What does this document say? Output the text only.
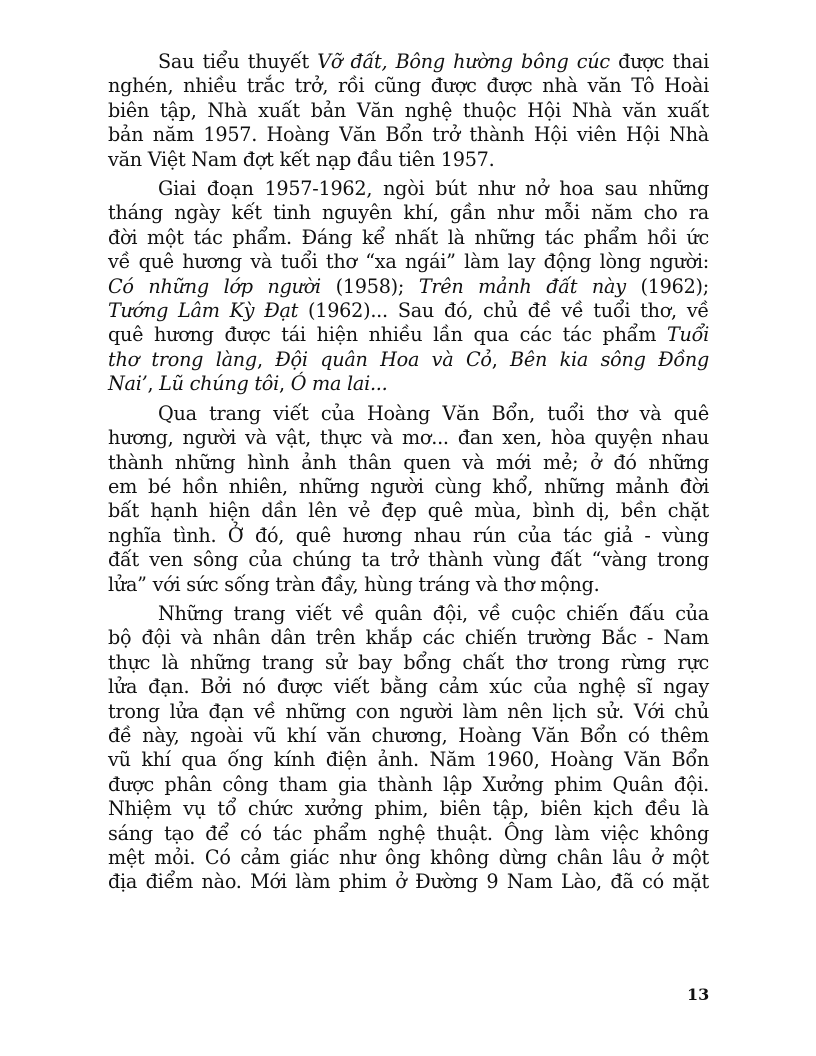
Sau tiểu thuyết Vỡ đất, Bông hường bông cúc được thai
nghén, nhiều trắc trở, rồi cũng được được nhà văn Tô Hoài
biên tập, Nhà xuất bản Văn nghệ thuộc Hội Nhà văn xuất
bản năm 1957. Hoàng Văn Bổn trở thành Hội viên Hội Nhà
văn Việt Nam đợt kết nạp đầu tiên 1957.

Giai đoạn 1957-1962, ngòi bút như nở hoa sau những
tháng ngày kết tinh nguyên khí, gần như mỗi năm cho ra
đời một tác phẩm. Đáng kể nhất là những tác phẩm hồi ức
về quê hương và tuổi thơ “xa ngái” làm lay động lòng người:
Có những lớp người (1958); Trên mảnh đất này (1962);
Tướng Lâm Kỳ Đạt (1962)... Sau đó, chủ đề về tuổi thơ, về
quê hương được tái hiện nhiều lần qua các tác phẩm Tuổi
thơ trong làng, Đội quân Hoa và Cỏ, Bên kia sông Đồng
Nai’, Lũ chúng tôi, Ó ma lai...

Qua trang viết của Hoàng Văn Bổn, tuổi thơ và quê
hương, người và vật, thực và mơ... đan xen, hòa quyện nhau
thành những hình ảnh thân quen và mới mẻ; ở đó những
em bé hồn nhiên, những người cùng khổ, những mảnh đời
bất hạnh hiện dần lên vẻ đẹp quê mùa, bình dị, bền chặt
nghĩa tình. Ở đó, quê hương nhau rún của tác giả - vùng
đất ven sông của chúng ta trở thành vùng đất “vàng trong
lửa” với sức sống tràn đầy, hùng tráng và thơ mộng.

Những trang viết về quân đội, về cuộc chiến đấu của
bộ đội và nhân dân trên khắp các chiến trường Bắc - Nam
thực là những trang sử bay bổng chất thơ trong rừng rực
lửa đạn. Bởi nó được viết bằng cảm xúc của nghệ sĩ ngay
trong lửa đạn về những con người làm nên lịch sử. Với chủ
đề này, ngoài vũ khí văn chương, Hoàng Văn Bổn có thêm
vũ khí qua ống kính điện ảnh. Năm 1960, Hoàng Văn Bổn
được phân công tham gia thành lập Xưởng phim Quân đội.
Nhiệm vụ tổ chức xưởng phim, biên tập, biên kịch đều là
sáng tạo để có tác phẩm nghệ thuật. Ông làm việc không
mệt mỏi. Có cảm giác như ông không dừng chân lâu ở một
địa điểm nào. Mới làm phim ở Đường 9 Nam Lào, đã có mặt

13
